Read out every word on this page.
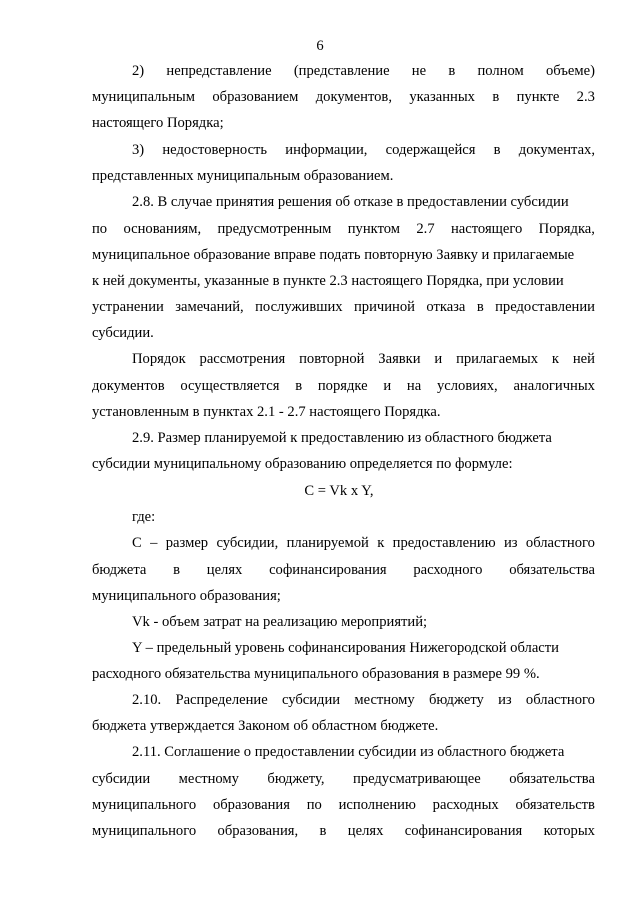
6
2) непредставление (представление не в полном объеме)
муниципальным образованием документов, указанных в пункте 2.3
настоящего Порядка;
3) недостоверность информации, содержащейся в документах,
представленных муниципальным образованием.
2.8. В случае принятия решения об отказе в предоставлении субсидии
по основаниям, предусмотренным пунктом 2.7 настоящего Порядка,
муниципальное образование вправе подать повторную Заявку и прилагаемые
к ней документы, указанные в пункте 2.3 настоящего Порядка, при условии
устранении замечаний, послуживших причиной отказа в предоставлении
субсидии.
Порядок рассмотрения повторной Заявки и прилагаемых к ней
документов осуществляется в порядке и на условиях, аналогичных
установленным в пунктах 2.1 - 2.7 настоящего Порядка.
2.9. Размер планируемой к предоставлению из областного бюджета
субсидии муниципальному образованию определяется по формуле:
C = Vk x Y,
где:
C – размер субсидии, планируемой к предоставлению из областного
бюджета в целях софинансирования расходного обязательства
муниципального образования;
Vk - объем затрат на реализацию мероприятий;
Y – предельный уровень софинансирования Нижегородской области
расходного обязательства муниципального образования в размере 99 %.
2.10. Распределение субсидии местному бюджету из областного
бюджета утверждается Законом об областном бюджете.
2.11. Соглашение о предоставлении субсидии из областного бюджета
субсидии местному бюджету, предусматривающее обязательства
муниципального образования по исполнению расходных обязательств
муниципального образования, в целях софинансирования которых
